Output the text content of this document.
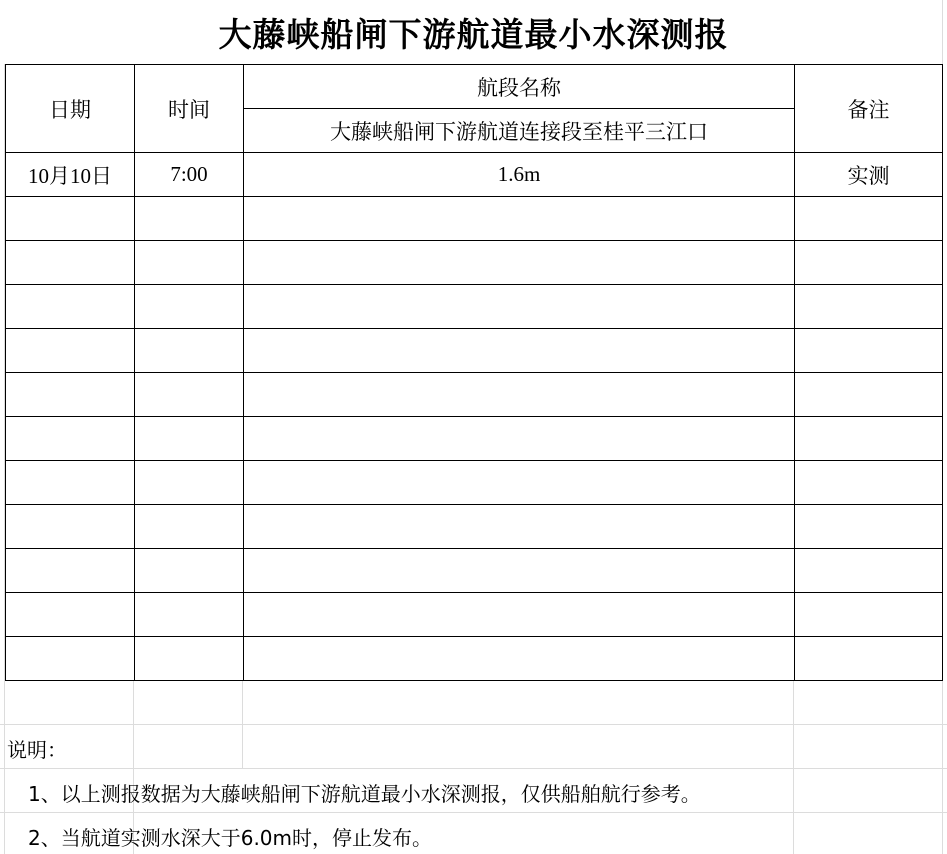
大藤峡船闸下游航道最小水深测报
日期	时间	航段名称	备注
		大藤峡船闸下游航道连接段至桂平三江口	
10月10日	7:00	1.6m	实测

说明：
1、以上测报数据为大藤峡船闸下游航道最小水深测报，仅供船舶航行参考。
2、当航道实测水深大于6.0m时，停止发布。
